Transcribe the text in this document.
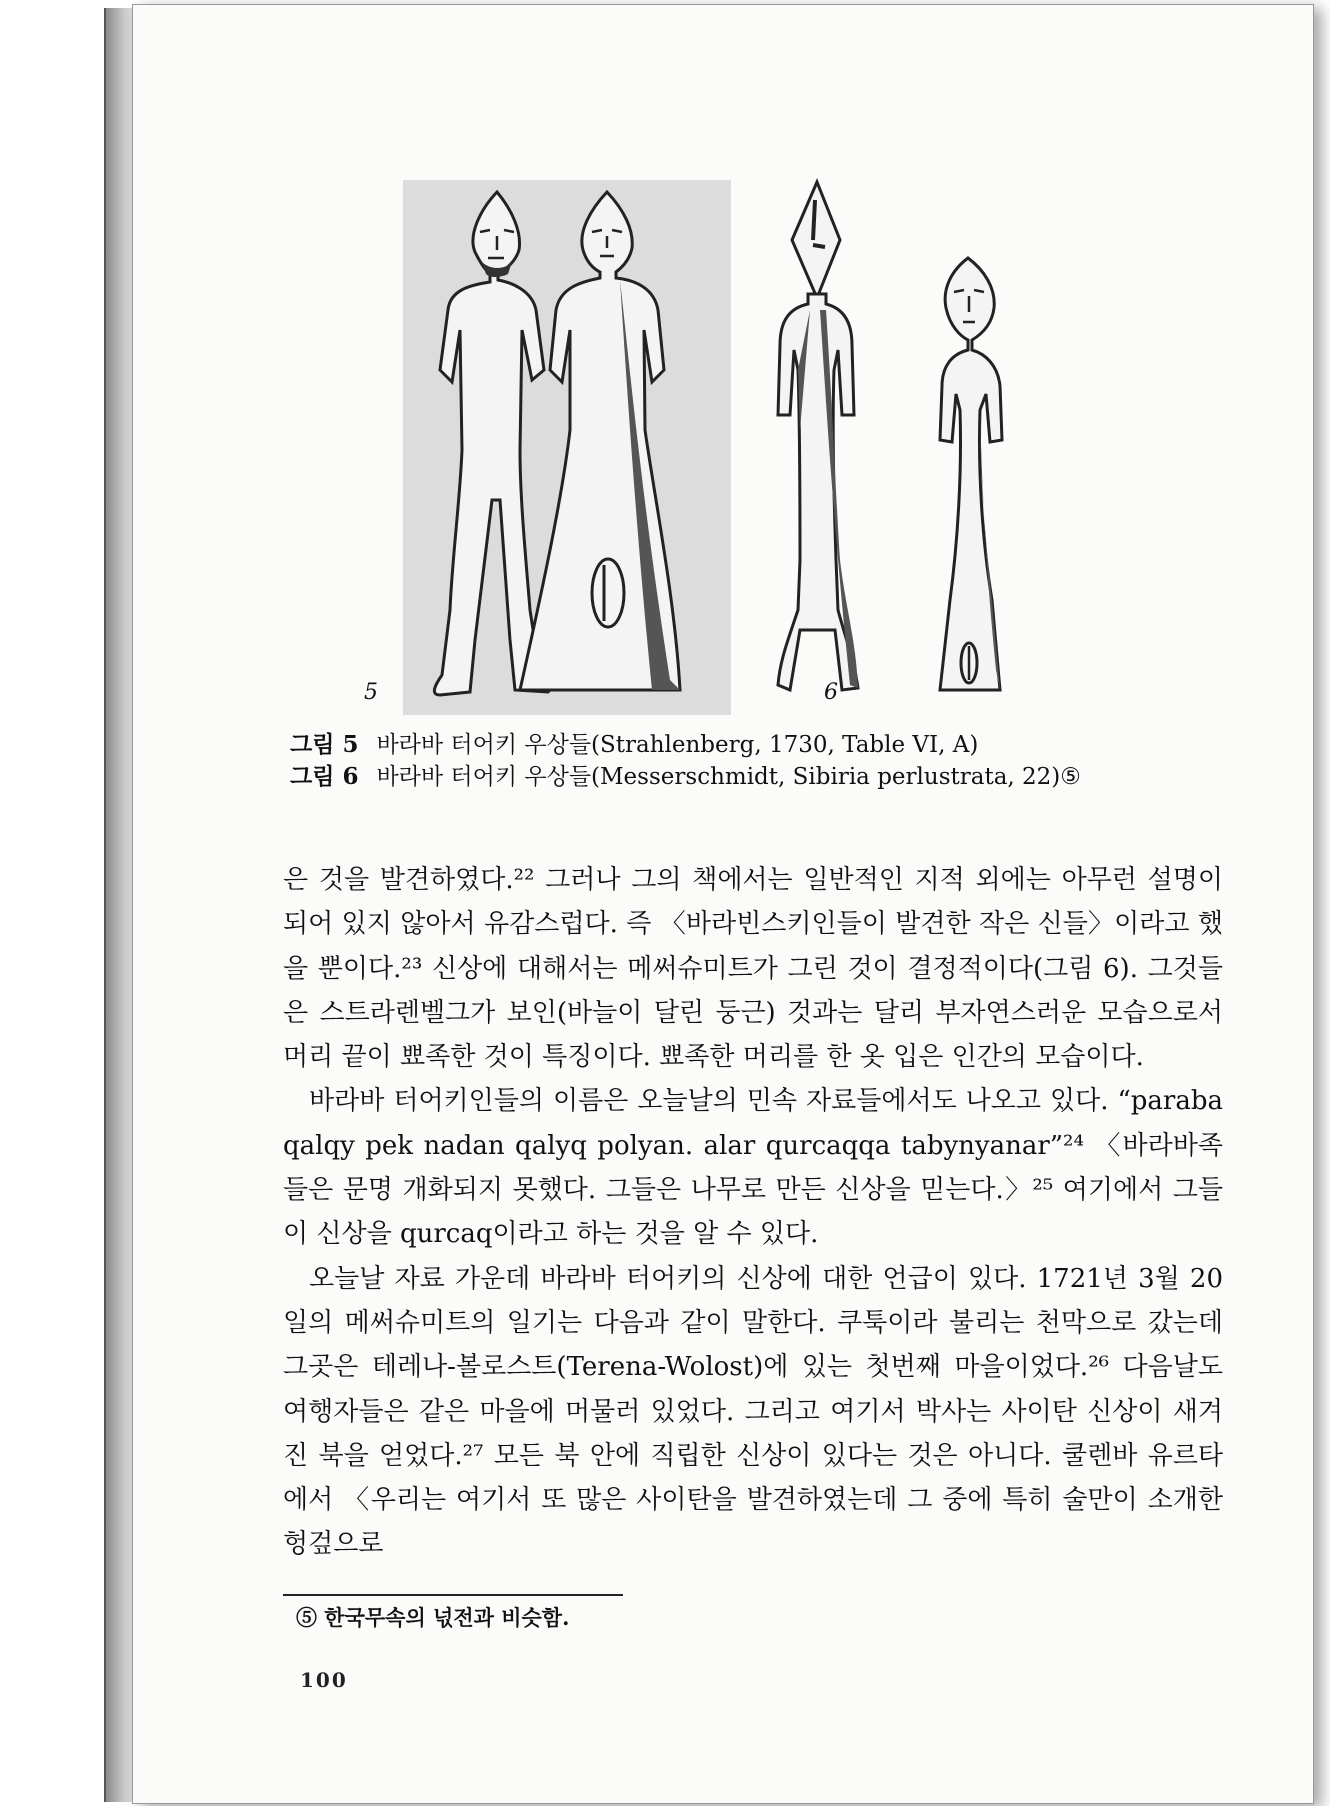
5	6
그림 5 바라바 터어키 우상들(Strahlenberg, 1730, Table VI, A)
그림 6 바라바 터어키 우상들(Messerschmidt, Sibiria perlustrata, 22)⑤

은 것을 발견하였다.²² 그러나 그의 책에서는 일반적인 지적 외에는 아무런 설명이 되어 있지 않아서 유감스럽다. 즉 〈바라빈스키인들이 발견한 작은 신들〉이라고 했을 뿐이다.²³ 신상에 대해서는 메써슈미트가 그린 것이 결정적이다(그림 6). 그것들은 스트라렌벨그가 보인(바늘이 달린 둥근) 것과는 달리 부자연스러운 모습으로서 머리 끝이 뾰족한 것이 특징이다. 뾰족한 머리를 한 옷 입은 인간의 모습이다.

바라바 터어키인들의 이름은 오늘날의 민속 자료들에서도 나오고 있다. “paraba qalqy pek nadan qalyq polyan. alar qurcaqqa tabynyanar”²⁴ 〈바라바족들은 문명 개화되지 못했다. 그들은 나무로 만든 신상을 믿는다.〉²⁵ 여기에서 그들이 신상을 qurcaq이라고 하는 것을 알 수 있다.

오늘날 자료 가운데 바라바 터어키의 신상에 대한 언급이 있다. 1721년 3월 20일의 메써슈미트의 일기는 다음과 같이 말한다. 쿠툭이라 불리는 천막으로 갔는데 그곳은 테레나-볼로스트(Terena-Wolost)에 있는 첫번째 마을이었다.²⁶ 다음날도 여행자들은 같은 마을에 머물러 있었다. 그리고 여기서 박사는 사이탄 신상이 새겨진 북을 얻었다.²⁷ 모든 북 안에 직립한 신상이 있다는 것은 아니다. 쿨렌바 유르타에서 〈우리는 여기서 또 많은 사이탄을 발견하였는데 그 중에 특히 술만이 소개한 헝겊으로

⑤ 한국무속의 넋전과 비슷함.
100
